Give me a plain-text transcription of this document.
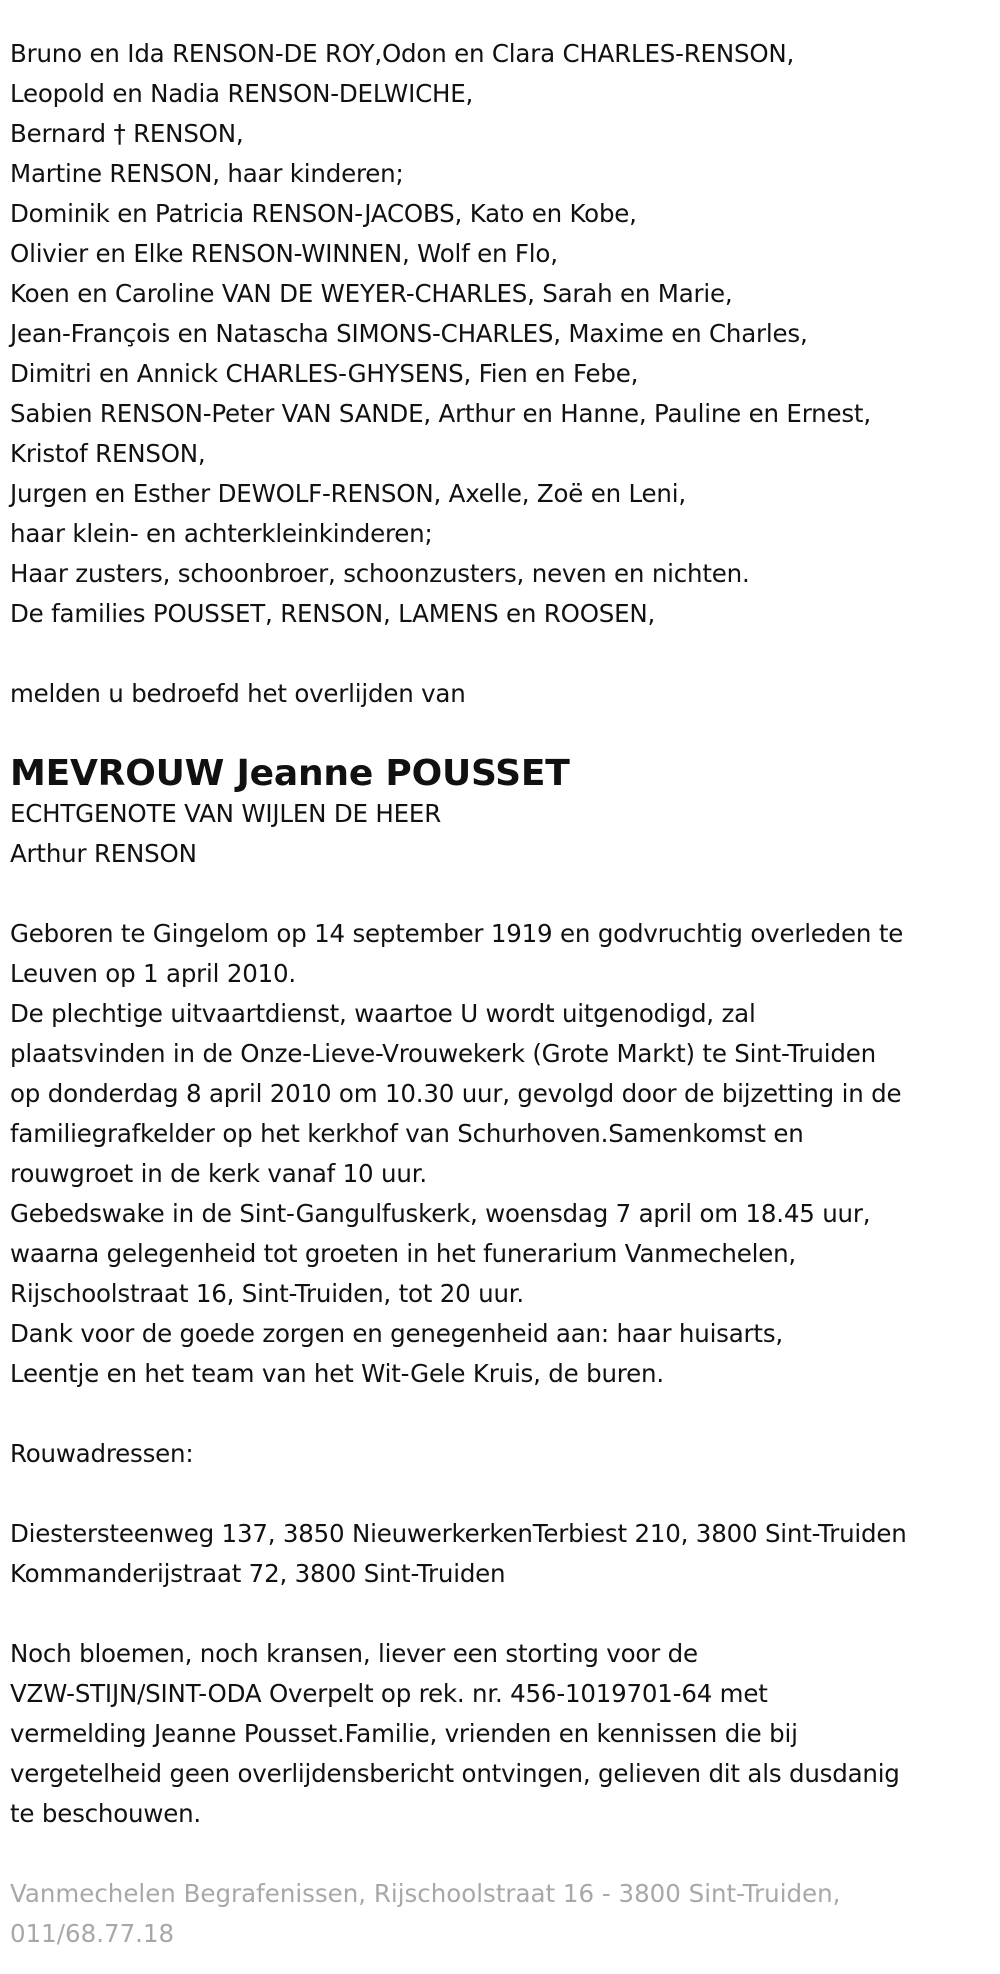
Bruno en Ida RENSON-DE ROY,Odon en Clara CHARLES-RENSON,
Leopold en Nadia RENSON-DELWICHE,
Bernard † RENSON,
Martine RENSON, haar kinderen;
Dominik en Patricia RENSON-JACOBS, Kato en Kobe,
Olivier en Elke RENSON-WINNEN, Wolf en Flo,
Koen en Caroline VAN DE WEYER-CHARLES, Sarah en Marie,
Jean-François en Natascha SIMONS-CHARLES, Maxime en Charles,
Dimitri en Annick CHARLES-GHYSENS, Fien en Febe,
Sabien RENSON-Peter VAN SANDE, Arthur en Hanne, Pauline en Ernest,
Kristof RENSON,
Jurgen en Esther DEWOLF-RENSON, Axelle, Zoë en Leni,
haar klein- en achterkleinkinderen;
Haar zusters, schoonbroer, schoonzusters, neven en nichten.
De families POUSSET, RENSON, LAMENS en ROOSEN,
melden u bedroefd het overlijden van
MEVROUW Jeanne POUSSET
ECHTGENOTE VAN WIJLEN DE HEER
Arthur RENSON
Geboren te Gingelom op 14 september 1919 en godvruchtig overleden te
Leuven op 1 april 2010.
De plechtige uitvaartdienst, waartoe U wordt uitgenodigd, zal
plaatsvinden in de Onze-Lieve-Vrouwekerk (Grote Markt) te Sint-Truiden
op donderdag 8 april 2010 om 10.30 uur, gevolgd door de bijzetting in de
familiegrafkelder op het kerkhof van Schurhoven.Samenkomst en
rouwgroet in de kerk vanaf 10 uur.
Gebedswake in de Sint-Gangulfuskerk, woensdag 7 april om 18.45 uur,
waarna gelegenheid tot groeten in het funerarium Vanmechelen,
Rijschoolstraat 16, Sint-Truiden, tot 20 uur.
Dank voor de goede zorgen en genegenheid aan: haar huisarts,
Leentje en het team van het Wit-Gele Kruis, de buren.
Rouwadressen:
Diestersteenweg 137, 3850 NieuwerkerkenTerbiest 210, 3800 Sint-Truiden
Kommanderijstraat 72, 3800 Sint-Truiden
Noch bloemen, noch kransen, liever een storting voor de
VZW-STIJN/SINT-ODA Overpelt op rek. nr. 456-1019701-64 met
vermelding Jeanne Pousset.Familie, vrienden en kennissen die bij
vergetelheid geen overlijdensbericht ontvingen, gelieven dit als dusdanig
te beschouwen.
Vanmechelen Begrafenissen, Rijschoolstraat 16 - 3800 Sint-Truiden,
011/68.77.18
